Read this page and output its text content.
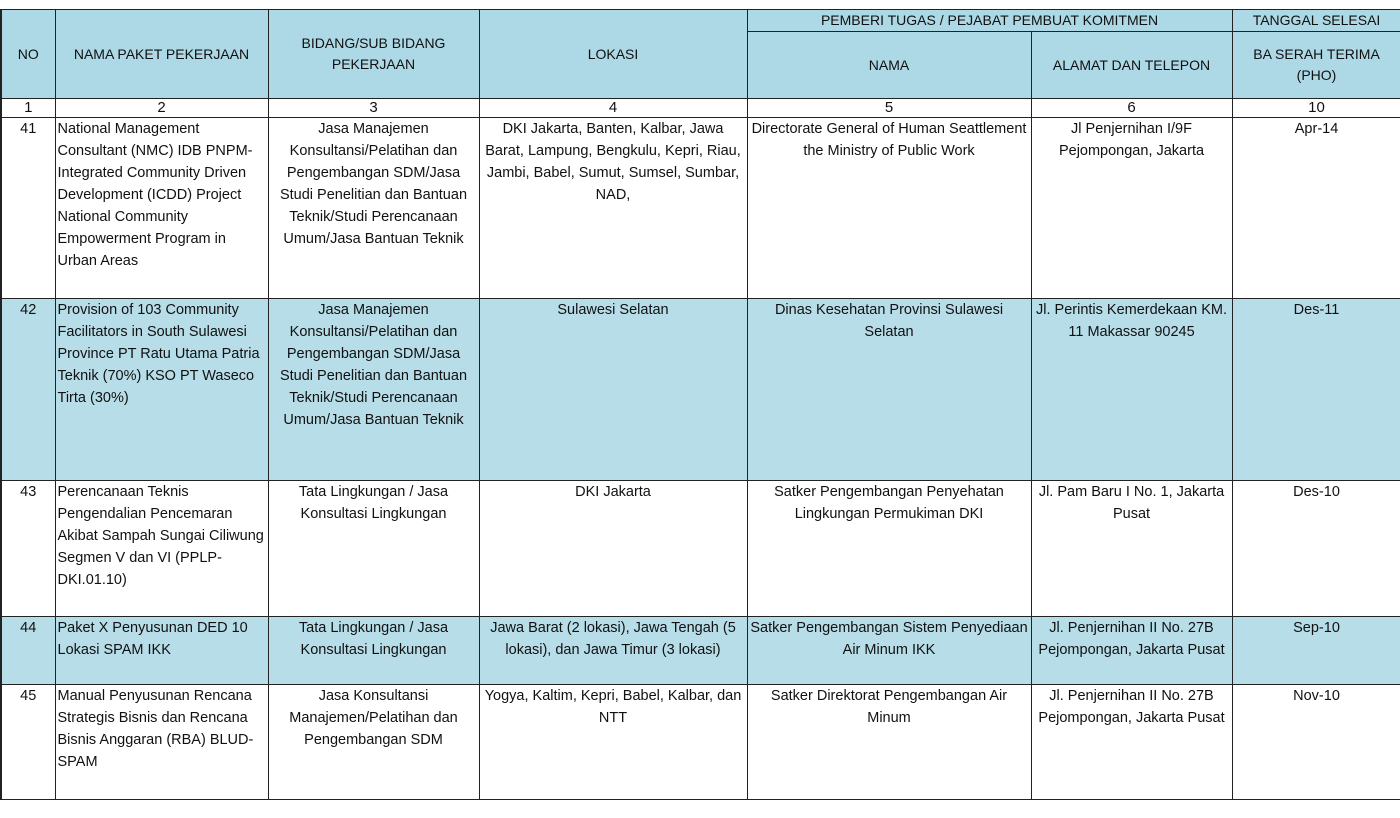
NO	NAMA PAKET PEKERJAAN	BIDANG/SUB BIDANG PEKERJAAN	LOKASI	PEMBERI TUGAS / PEJABAT PEMBUAT KOMITMEN		TANGGAL SELESAI
				NAMA	ALAMAT DAN TELEPON	BA SERAH TERIMA (PHO)
1	2	3	4	5	6	10
41	National Management Consultant (NMC) IDB PNPM-Integrated Community Driven Development (ICDD) Project National Community Empowerment Program in Urban Areas	Jasa Manajemen Konsultansi/Pelatihan dan Pengembangan SDM/Jasa Studi Penelitian dan Bantuan Teknik/Studi Perencanaan Umum/Jasa Bantuan Teknik	DKI Jakarta, Banten, Kalbar, Jawa Barat, Lampung, Bengkulu, Kepri, Riau, Jambi, Babel, Sumut, Sumsel, Sumbar, NAD,	Directorate General of Human Seattlement the Ministry of Public Work	Jl Penjernihan I/9F Pejompongan, Jakarta	Apr-14
42	Provision of 103 Community Facilitators in South Sulawesi Province PT Ratu Utama Patria Teknik (70%) KSO PT Waseco Tirta (30%)	Jasa Manajemen Konsultansi/Pelatihan dan Pengembangan SDM/Jasa Studi Penelitian dan Bantuan Teknik/Studi Perencanaan Umum/Jasa Bantuan Teknik	Sulawesi Selatan	Dinas Kesehatan Provinsi Sulawesi Selatan	Jl. Perintis Kemerdekaan KM. 11 Makassar 90245	Des-11
43	Perencanaan Teknis Pengendalian Pencemaran Akibat Sampah Sungai Ciliwung Segmen V dan VI (PPLP-DKI.01.10)	Tata Lingkungan / Jasa Konsultasi Lingkungan	DKI Jakarta	Satker Pengembangan Penyehatan Lingkungan Permukiman DKI	Jl. Pam Baru I No. 1, Jakarta Pusat	Des-10
44	Paket X Penyusunan DED 10 Lokasi SPAM IKK	Tata Lingkungan / Jasa Konsultasi Lingkungan	Jawa Barat (2 lokasi), Jawa Tengah (5 lokasi), dan Jawa Timur (3 lokasi)	Satker Pengembangan Sistem Penyediaan Air Minum IKK	Jl. Penjernihan II No. 27B Pejompongan, Jakarta Pusat	Sep-10
45	Manual Penyusunan Rencana Strategis Bisnis dan Rencana Bisnis Anggaran (RBA) BLUD-SPAM	Jasa Konsultansi Manajemen/Pelatihan dan Pengembangan SDM	Yogya, Kaltim, Kepri, Babel, Kalbar, dan NTT	Satker Direktorat Pengembangan Air Minum	Jl. Penjernihan II No. 27B Pejompongan, Jakarta Pusat	Nov-10
